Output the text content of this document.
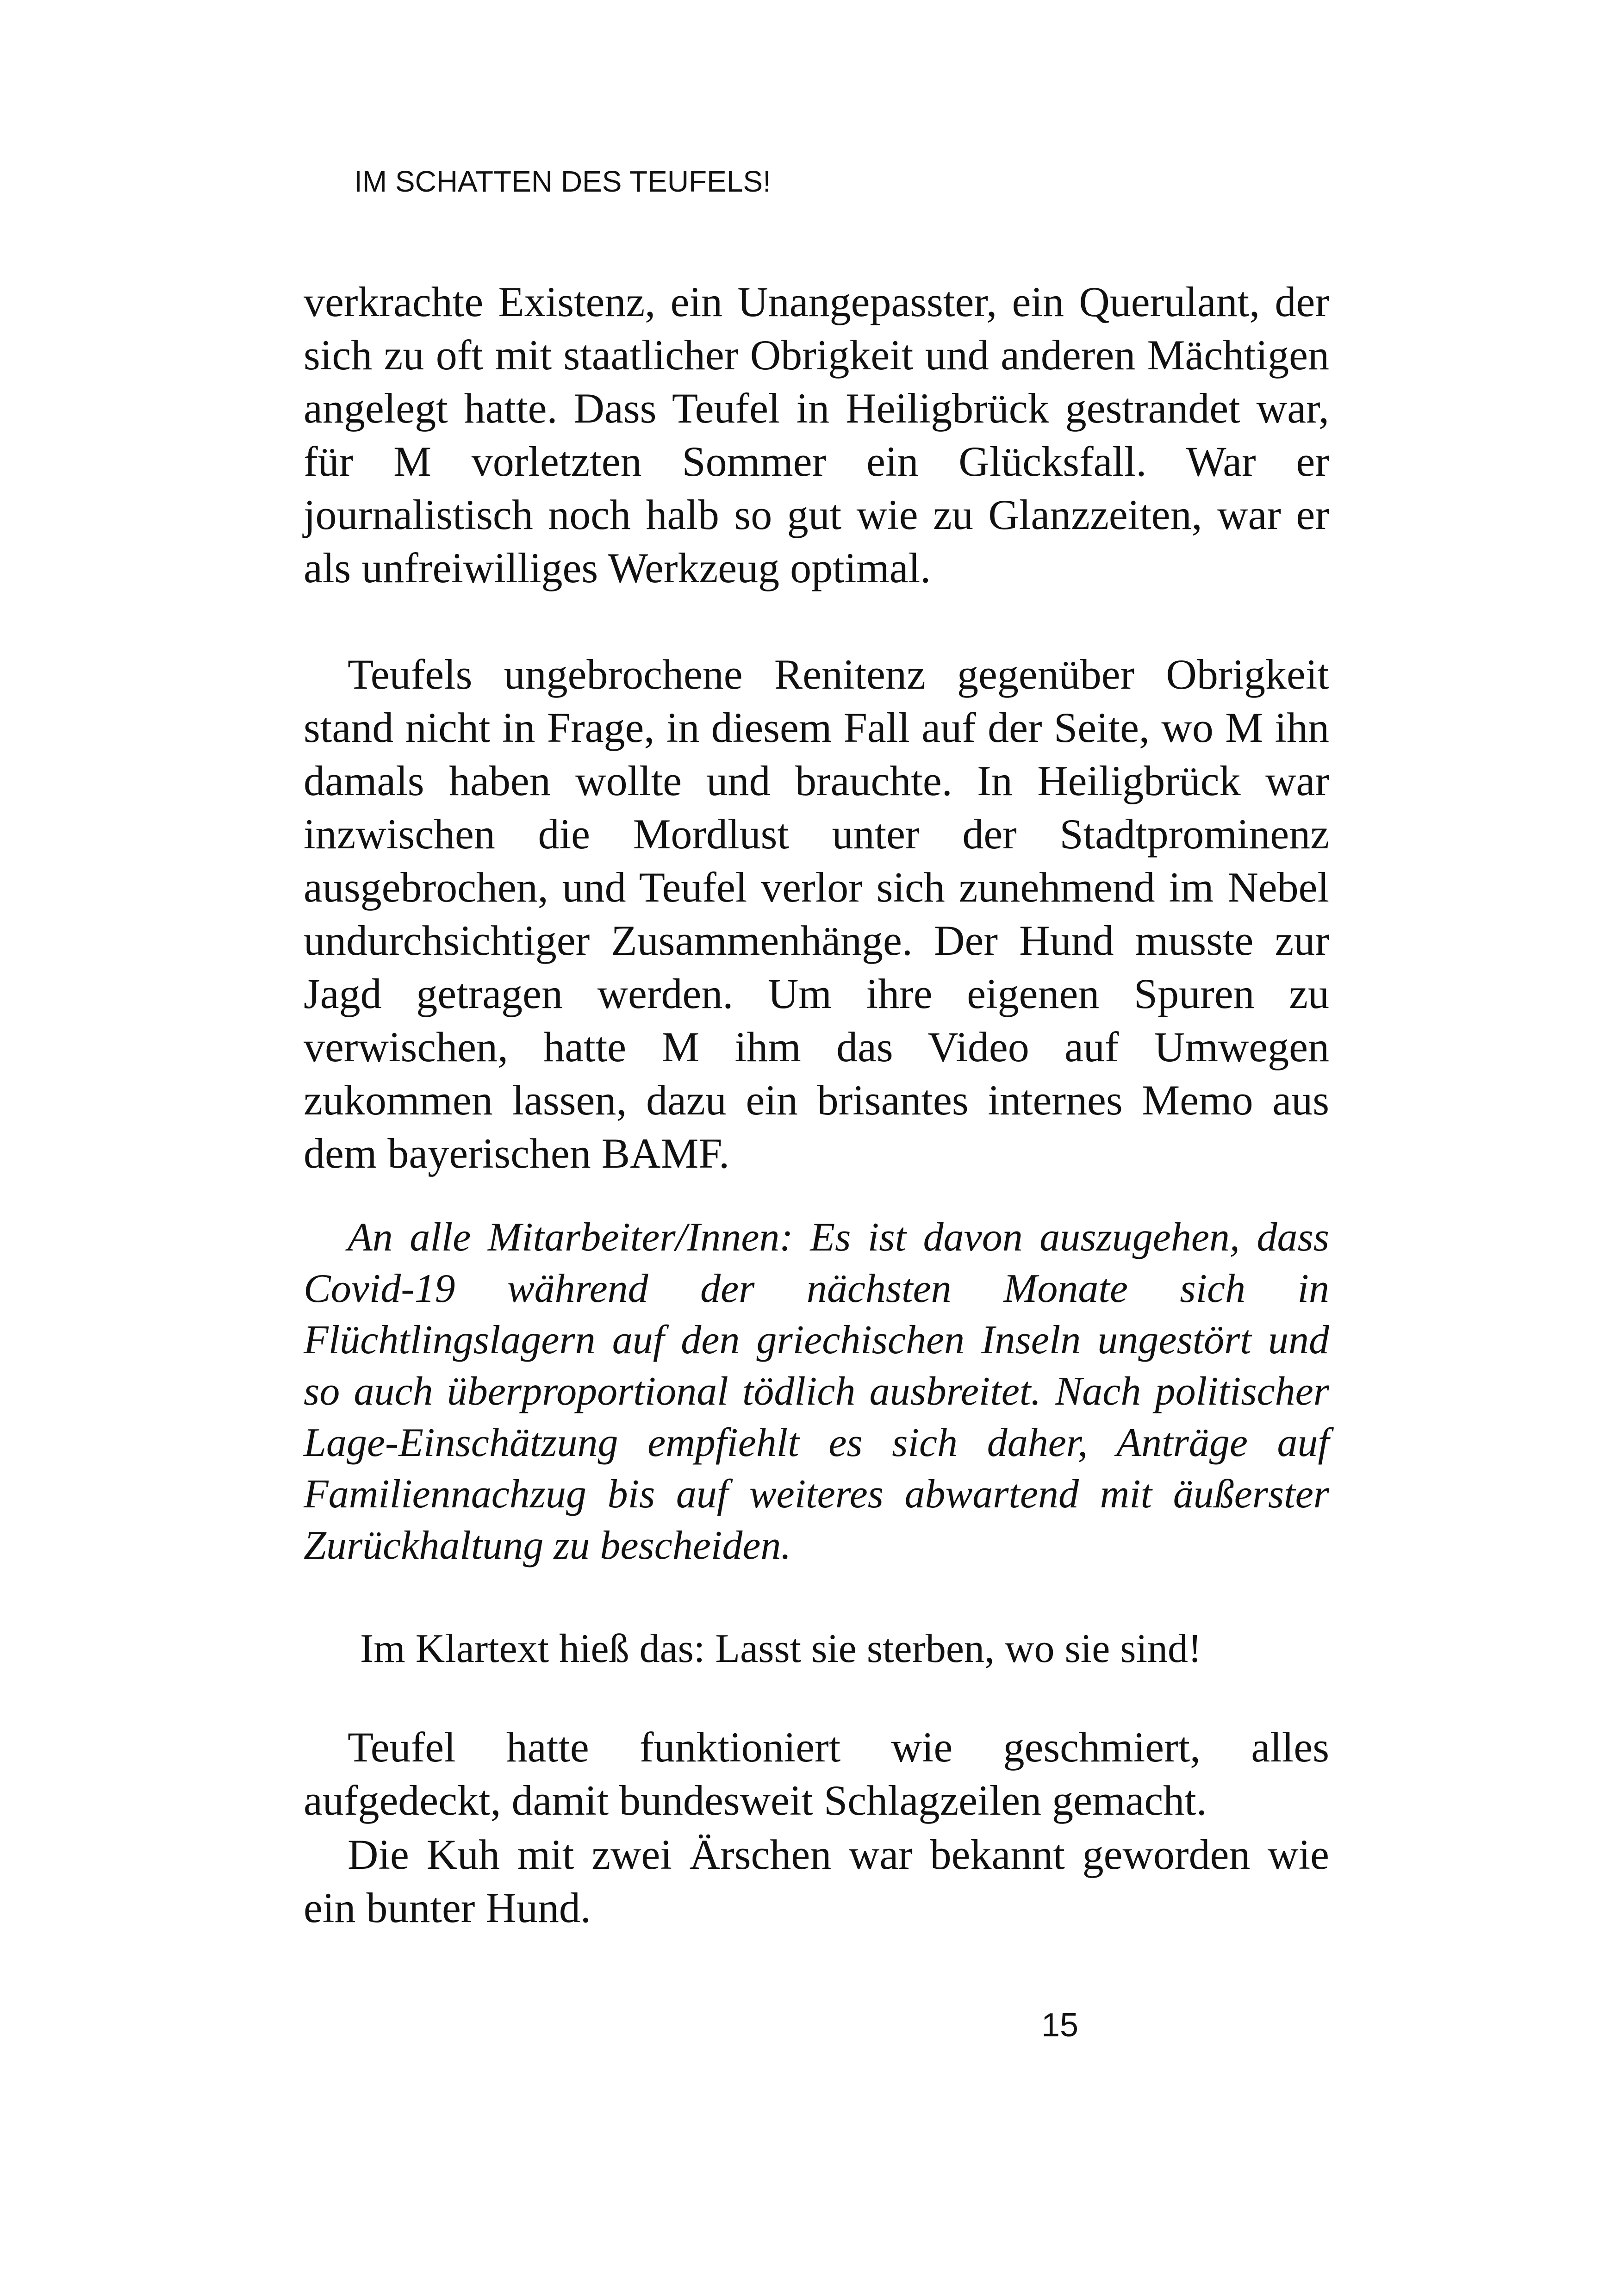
IM SCHATTEN DES TEUFELS!

verkrachte Existenz, ein Unangepasster, ein Querulant, der sich zu oft mit staatlicher Obrigkeit und anderen Mächtigen angelegt hatte. Dass Teufel in Heiligbrück gestrandet war, für M vorletzten Sommer ein Glücksfall. War er journalistisch noch halb so gut wie zu Glanzzeiten, war er als unfreiwilliges Werkzeug optimal.

Teufels ungebrochene Renitenz gegenüber Obrigkeit stand nicht in Frage, in diesem Fall auf der Seite, wo M ihn damals haben wollte und brauchte. In Heiligbrück war inzwischen die Mordlust unter der Stadtprominenz ausgebrochen, und Teufel verlor sich zunehmend im Nebel undurchsichtiger Zusammenhänge. Der Hund musste zur Jagd getragen werden. Um ihre eigenen Spuren zu verwischen, hatte M ihm das Video auf Umwegen zukommen lassen, dazu ein brisantes internes Memo aus dem bayerischen BAMF.

An alle Mitarbeiter/Innen: Es ist davon auszugehen, dass Covid-19 während der nächsten Monate sich in Flüchtlingslagern auf den griechischen Inseln ungestört und so auch überproportional tödlich ausbreitet. Nach politischer Lage-Einschätzung empfiehlt es sich daher, Anträge auf Familiennachzug bis auf weiteres abwartend mit äußerster Zurückhaltung zu bescheiden.

Im Klartext hieß das: Lasst sie sterben, wo sie sind!

Teufel hatte funktioniert wie geschmiert, alles aufgedeckt, damit bundesweit Schlagzeilen gemacht.

Die Kuh mit zwei Ärschen war bekannt geworden wie ein bunter Hund.

15
